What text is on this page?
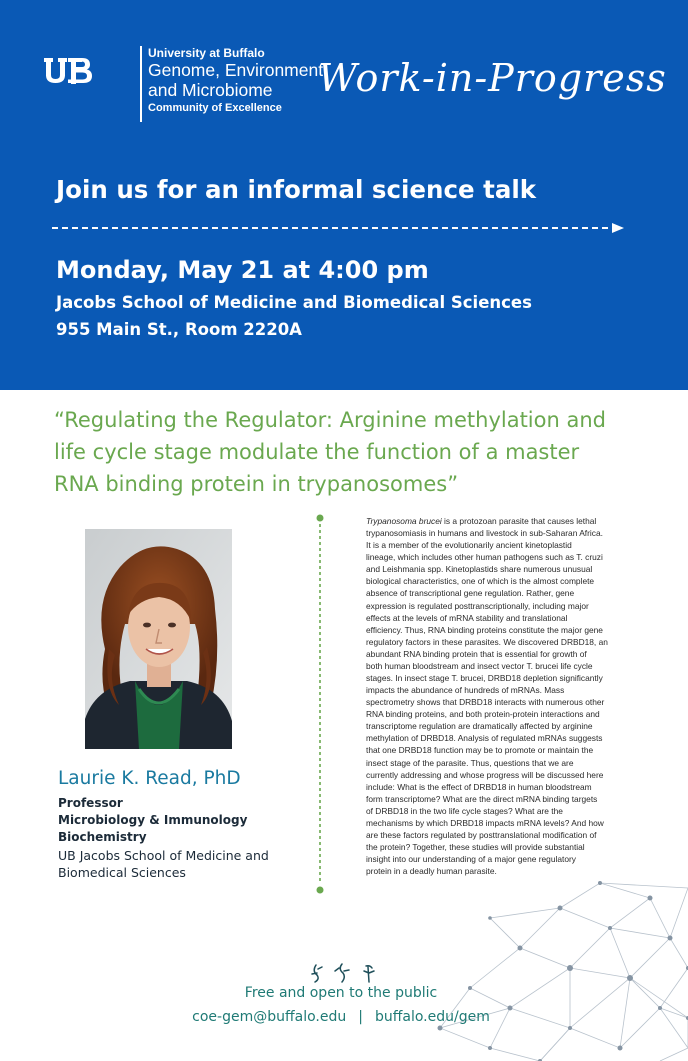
University at Buffalo
Genome, Environment
and Microbiome
Community of Excellence
Work-in-Progress
Join us for an informal science talk
Monday, May 21 at 4:00 pm
Jacobs School of Medicine and Biomedical Sciences
955 Main St., Room 2220A
“Regulating the Regulator: Arginine methylation and
life cycle stage modulate the function of a master
RNA binding protein in trypanosomes”
Laurie K. Read, PhD
Professor
Microbiology & Immunology
Biochemistry
UB Jacobs School of Medicine and
Biomedical Sciences
Trypanosoma brucei is a protozoan parasite that causes lethal
trypanosomiasis in humans and livestock in sub-Saharan Africa.
It is a member of the evolutionarily ancient kinetoplastid
lineage, which includes other human pathogens such as T. cruzi
and Leishmania spp. Kinetoplastids share numerous unusual
biological characteristics, one of which is the almost complete
absence of transcriptional gene regulation. Rather, gene
expression is regulated posttranscriptionally, including major
effects at the levels of mRNA stability and translational
efficiency. Thus, RNA binding proteins constitute the major gene
regulatory factors in these parasites. We discovered DRBD18, an
abundant RNA binding protein that is essential for growth of
both human bloodstream and insect vector T. brucei life cycle
stages. In insect stage T. brucei, DRBD18 depletion significantly
impacts the abundance of hundreds of mRNAs. Mass
spectrometry shows that DRBD18 interacts with numerous other
RNA binding proteins, and both protein-protein interactions and
transcriptome regulation are dramatically affected by arginine
methylation of DRBD18. Analysis of regulated mRNAs suggests
that one DRBD18 function may be to promote or maintain the
insect stage of the parasite. Thus, questions that we are
currently addressing and whose progress will be discussed here
include: What is the effect of DRBD18 in human bloodstream
form transcriptome? What are the direct mRNA binding targets
of DRBD18 in the two life cycle stages? What are the
mechanisms by which DRBD18 impacts mRNA levels? And how
are these factors regulated by posttranslational modification of
the protein? Together, these studies will provide substantial
insight into our understanding of a major gene regulatory
protein in a deadly human parasite.
Free and open to the public
coe-gem@buffalo.edu | buffalo.edu/gem
